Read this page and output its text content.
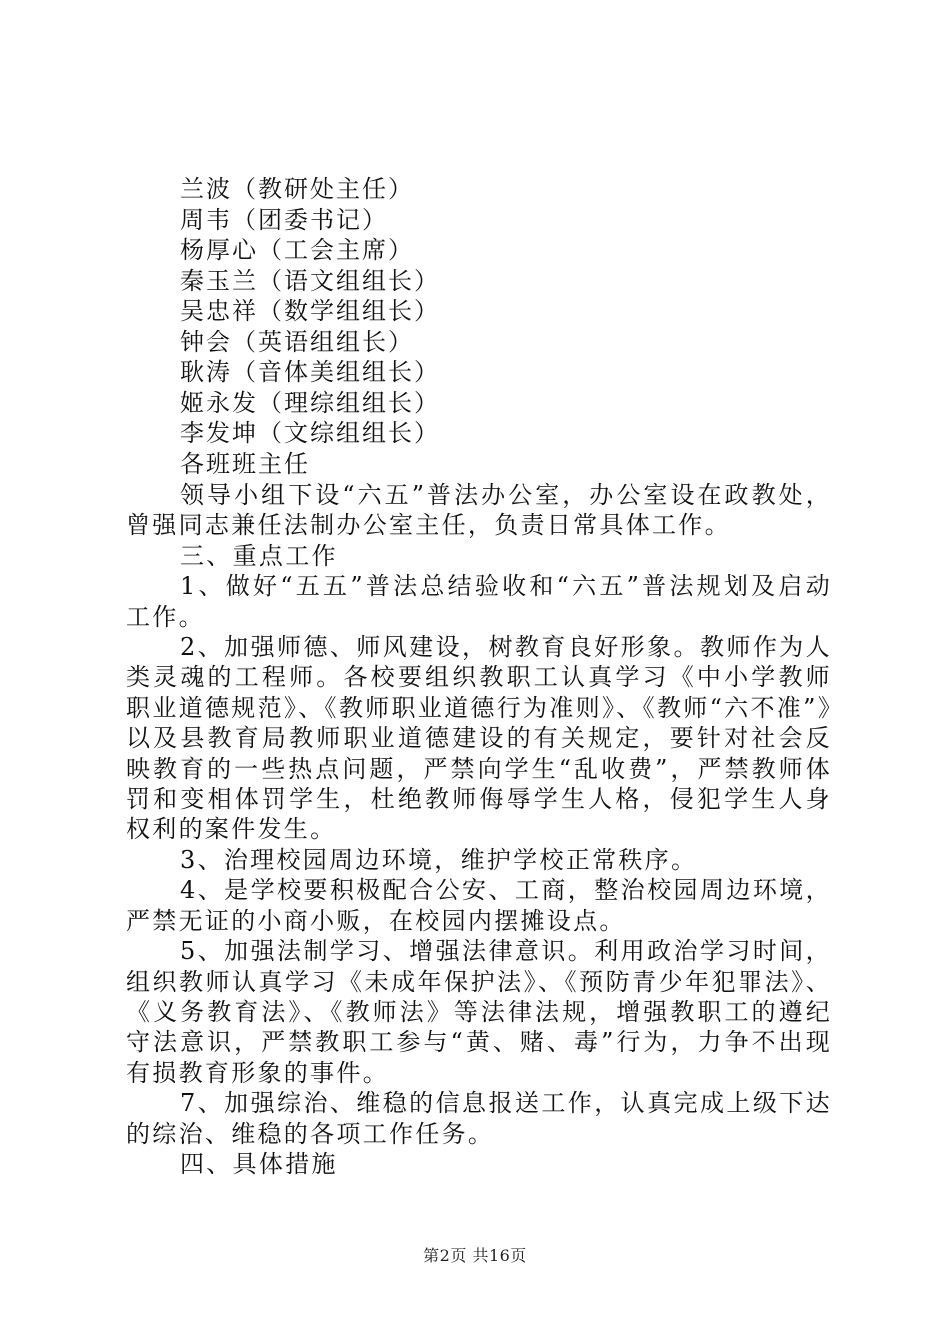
兰波（教研处主任）
周韦（团委书记）
杨厚心（工会主席）
秦玉兰（语文组组长）
吴忠祥（数学组组长）
钟会（英语组组长）
耿涛（音体美组组长）
姬永发（理综组组长）
李发坤（文综组组长）
各班班主任

领导小组下设“六五”普法办公室，办公室设在政教处，曾强同志兼任法制办公室主任，负责日常具体工作。

三、重点工作

1、做好“五五”普法总结验收和“六五”普法规划及启动工作。

2、加强师德、师风建设，树教育良好形象。教师作为人类灵魂的工程师。各校要组织教职工认真学习《中小学教师职业道德规范》、《教师职业道德行为准则》、《教师“六不准”》以及县教育局教师职业道德建设的有关规定，要针对社会反映教育的一些热点问题，严禁向学生“乱收费”，严禁教师体罚和变相体罚学生，杜绝教师侮辱学生人格，侵犯学生人身权利的案件发生。

3、治理校园周边环境，维护学校正常秩序。

4、是学校要积极配合公安、工商，整治校园周边环境，严禁无证的小商小贩，在校园内摆摊设点。

5、加强法制学习、增强法律意识。利用政治学习时间，组织教师认真学习《未成年保护法》、《预防青少年犯罪法》、《义务教育法》、《教师法》等法律法规，增强教职工的遵纪守法意识，严禁教职工参与“黄、赌、毒”行为，力争不出现有损教育形象的事件。

7、加强综治、维稳的信息报送工作，认真完成上级下达的综治、维稳的各项工作任务。

四、具体措施

第2页 共16页
